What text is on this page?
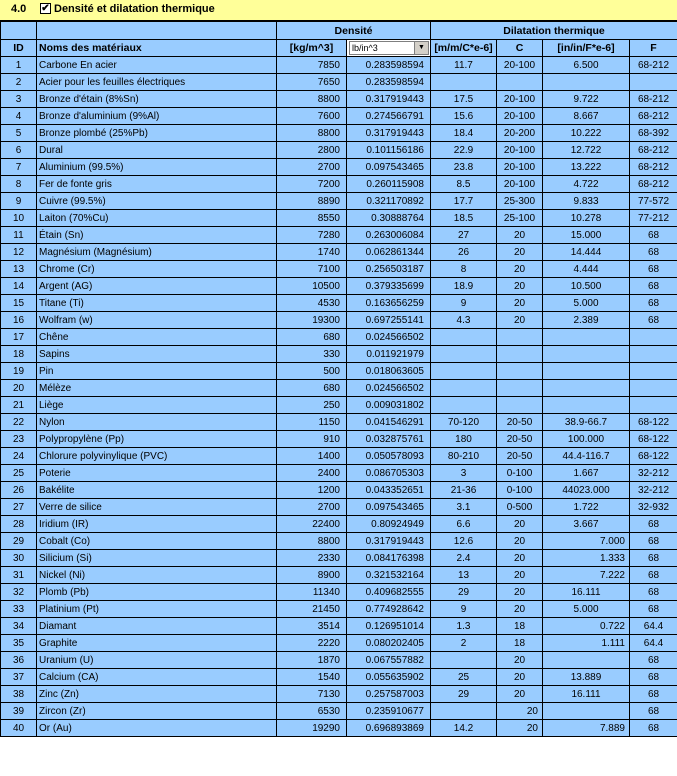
4.0 ✔ Densité et dilatation thermique
		Densité		Dilatation thermique			
ID	Noms des matériaux	[kg/m^3]	lb/in^3 ▼	[m/m/C*e-6]	C	[in/in/F*e-6]	F
1	Carbone En acier	7850	0.283598594	11.7	20-100	6.500	68-212
2	Acier pour les feuilles électriques	7650	0.283598594				
3	Bronze d'étain (8%Sn)	8800	0.317919443	17.5	20-100	9.722	68-212
4	Bronze d'aluminium (9%Al)	7600	0.274566791	15.6	20-100	8.667	68-212
5	Bronze plombé (25%Pb)	8800	0.317919443	18.4	20-200	10.222	68-392
6	Dural	2800	0.101156186	22.9	20-100	12.722	68-212
7	Aluminium (99.5%)	2700	0.097543465	23.8	20-100	13.222	68-212
8	Fer de fonte gris	7200	0.260115908	8.5	20-100	4.722	68-212
9	Cuivre (99.5%)	8890	0.321170892	17.7	25-300	9.833	77-572
10	Laiton (70%Cu)	8550	0.30888764	18.5	25-100	10.278	77-212
11	Étain (Sn)	7280	0.263006084	27	20	15.000	68
12	Magnésium (Magnésium)	1740	0.062861344	26	20	14.444	68
13	Chrome (Cr)	7100	0.256503187	8	20	4.444	68
14	Argent (AG)	10500	0.379335699	18.9	20	10.500	68
15	Titane (Ti)	4530	0.163656259	9	20	5.000	68
16	Wolfram (w)	19300	0.697255141	4.3	20	2.389	68
17	Chêne	680	0.024566502				
18	Sapins	330	0.011921979				
19	Pin	500	0.018063605				
20	Mélèze	680	0.024566502				
21	Liège	250	0.009031802				
22	Nylon	1150	0.041546291	70-120	20-50	38.9-66.7	68-122
23	Polypropylène (Pp)	910	0.032875761	180	20-50	100.000	68-122
24	Chlorure polyvinylique (PVC)	1400	0.050578093	80-210	20-50	44.4-116.7	68-122
25	Poterie	2400	0.086705303	3	0-100	1.667	32-212
26	Bakélite	1200	0.043352651	21-36	0-100	44023.000	32-212
27	Verre de silice	2700	0.097543465	3.1	0-500	1.722	32-932
28	Iridium (IR)	22400	0.80924949	6.6	20	3.667	68
29	Cobalt (Co)	8800	0.317919443	12.6	20	7.000	68
30	Silicium (Si)	2330	0.084176398	2.4	20	1.333	68
31	Nickel (Ni)	8900	0.321532164	13	20	7.222	68
32	Plomb (Pb)	11340	0.409682555	29	20	16.111	68
33	Platinium (Pt)	21450	0.774928642	9	20	5.000	68
34	Diamant	3514	0.126951014	1.3	18	0.722	64.4
35	Graphite	2220	0.080202405	2	18	1.111	64.4
36	Uranium (U)	1870	0.067557882		20		68
37	Calcium (CA)	1540	0.055635902	25	20	13.889	68
38	Zinc (Zn)	7130	0.257587003	29	20	16.111	68
39	Zircon (Zr)	6530	0.235910677		20		68
40	Or (Au)	19290	0.696893869	14.2	20	7.889	68
